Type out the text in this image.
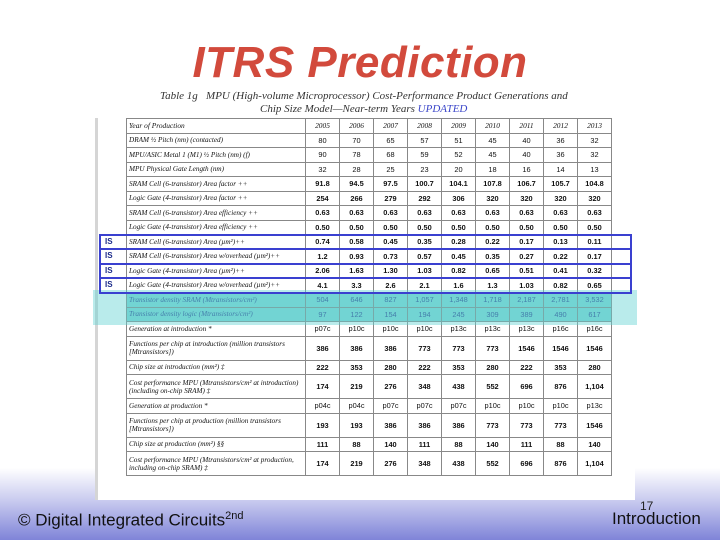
ITRS Prediction
Table 1g MPU (High-volume Microprocessor) Cost-Performance Product Generations and
Chip Size Model—Near-term Years UPDATED
Year of Production	2005	2006	2007	2008	2009	2010	2011	2012	2013
DRAM ½ Pitch (nm) (contacted)	80	70	65	57	51	45	40	36	32
MPU/ASIC Metal 1 (M1) ½ Pitch (nm) (f)	90	78	68	59	52	45	40	36	32
MPU Physical Gate Length (nm)	32	28	25	23	20	18	16	14	13
SRAM Cell (6-transistor) Area factor ++	91.8	94.5	97.5	100.7	104.1	107.8	106.7	105.7	104.8
Logic Gate (4-transistor) Area factor ++	254	266	279	292	306	320	320	320	320
SRAM Cell (6-transistor) Area efficiency ++	0.63	0.63	0.63	0.63	0.63	0.63	0.63	0.63	0.63
Logic Gate (4-transistor) Area efficiency ++	0.50	0.50	0.50	0.50	0.50	0.50	0.50	0.50	0.50
SRAM Cell (6-transistor) Area (µm²)++	0.74	0.58	0.45	0.35	0.28	0.22	0.17	0.13	0.11
SRAM Cell (6-transistor) Area w/overhead (µm²)++	1.2	0.93	0.73	0.57	0.45	0.35	0.27	0.22	0.17
Logic Gate (4-transistor) Area (µm²)++	2.06	1.63	1.30	1.03	0.82	0.65	0.51	0.41	0.32
Logic Gate (4-transistor) Area w/overhead (µm²)++	4.1	3.3	2.6	2.1	1.6	1.3	1.03	0.82	0.65
Transistor density SRAM (Mtransistors/cm²)	504	646	827	1,057	1,348	1,718	2,187	2,781	3,532
Transistor density logic (Mtransistors/cm²)	97	122	154	194	245	309	389	490	617
Generation at introduction *	p07c	p10c	p10c	p10c	p13c	p13c	p13c	p16c	p16c
Functions per chip at introduction (million transistors [Mtransistors])	386	386	386	773	773	773	1546	1546	1546
Chip size at introduction (mm²) ‡	222	353	280	222	353	280	222	353	280
Cost performance MPU (Mtransistors/cm² at introduction) (including on-chip SRAM) ‡	174	219	276	348	438	552	696	876	1,104
Generation at production *	p04c	p04c	p07c	p07c	p07c	p10c	p10c	p10c	p13c
Functions per chip at production (million transistors [Mtransistors])	193	193	386	386	386	773	773	773	1546
Chip size at production (mm²) §§	111	88	140	111	88	140	111	88	140
Cost performance MPU (Mtransistors/cm² at production, including on-chip SRAM) ‡	174	219	276	348	438	552	696	876	1,104
IS
IS
IS
IS
© Digital Integrated Circuits$^{2nd}$
17
Introduction
